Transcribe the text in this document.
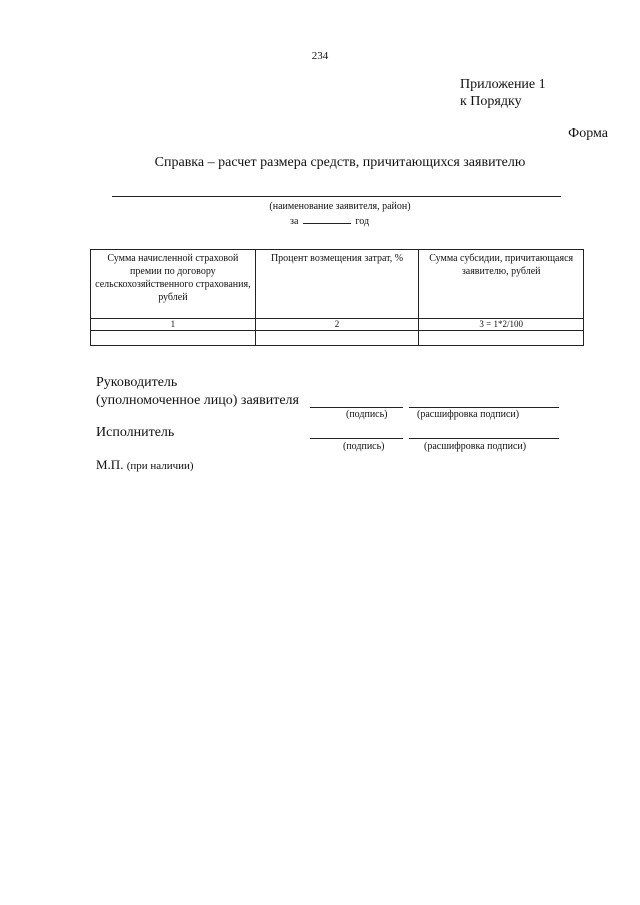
234
Приложение 1
к Порядку
Форма
Справка – расчет размера средств, причитающихся заявителю
(наименование заявителя, район)
за	год
Сумма начисленной страховой премии по договору сельскохозяйственного страхования, рублей	Процент возмещения затрат, %	Сумма субсидии, причитающаяся заявителю, рублей
1	2	3 = 1*2/100

Руководитель
(уполномоченное лицо) заявителя
(подпись)	(расшифровка подписи)
Исполнитель
(подпись)	(расшифровка подписи)
М.П. (при наличии)
